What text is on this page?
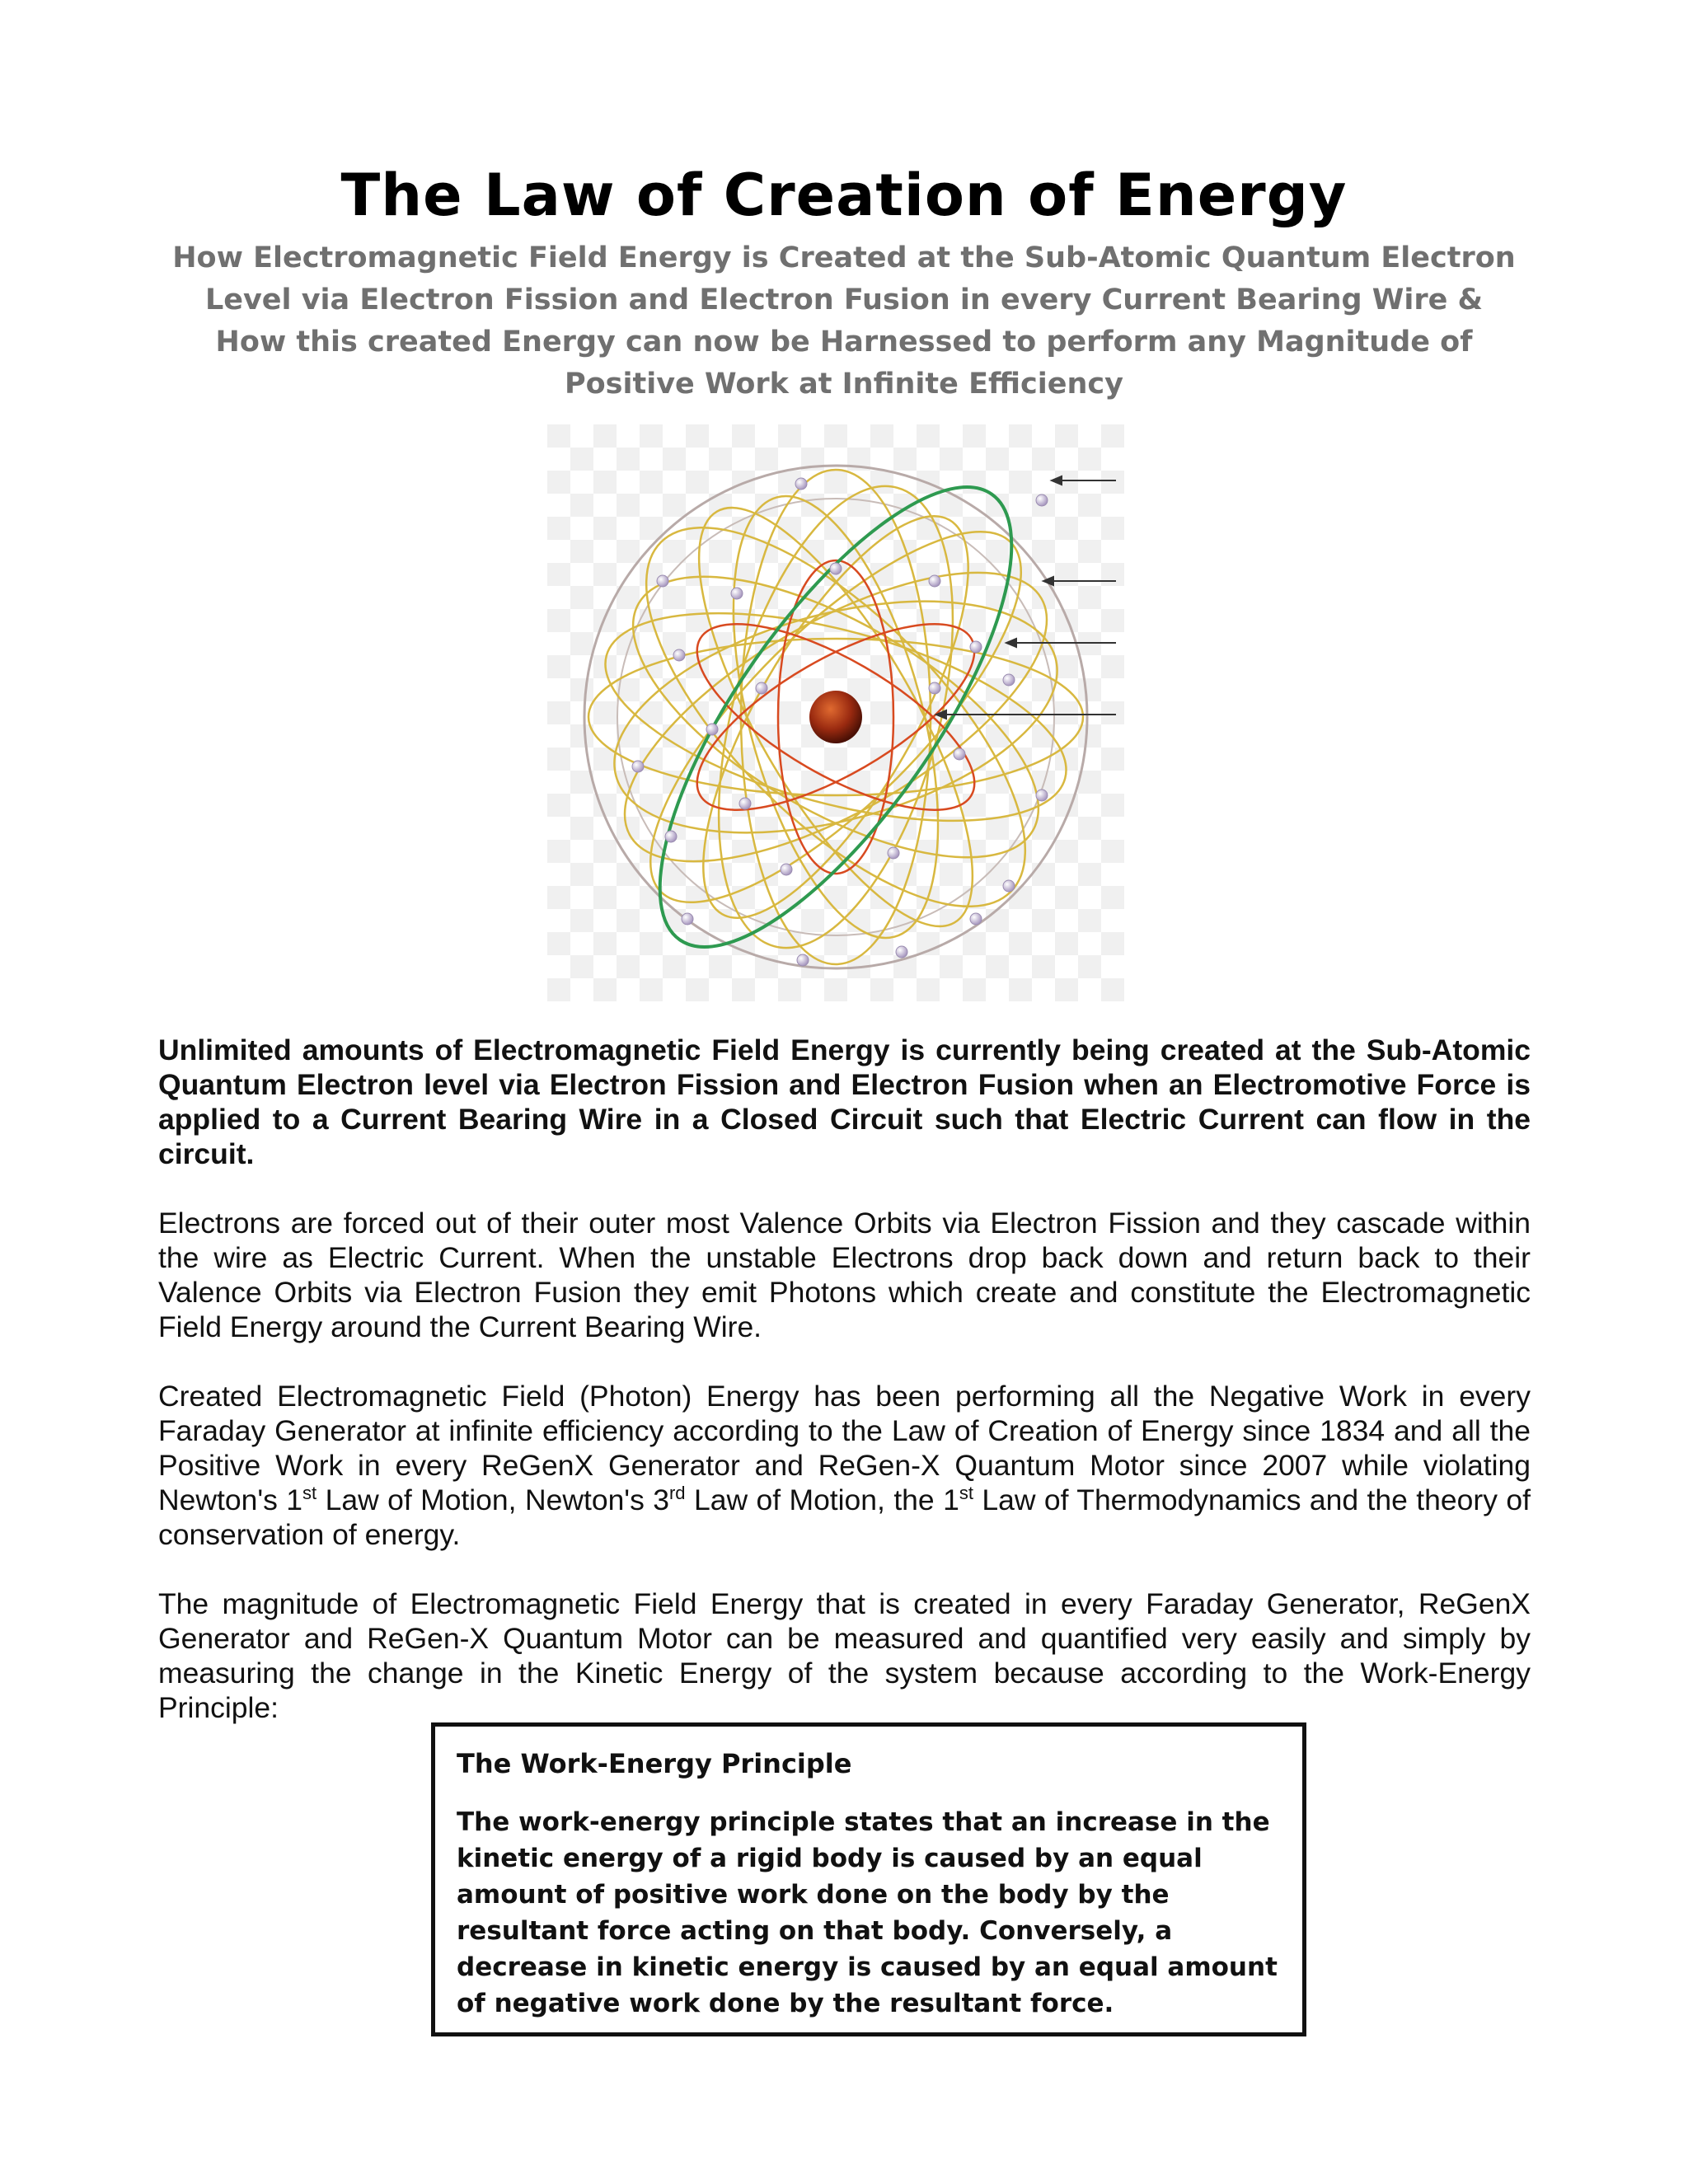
The Law of Creation of Energy
How Electromagnetic Field Energy is Created at the Sub-Atomic Quantum Electron
Level via Electron Fission and Electron Fusion in every Current Bearing Wire &
How this created Energy can now be Harnessed to perform any Magnitude of
Positive Work at Infinite Efficiency

Unlimited amounts of Electromagnetic Field Energy is currently being created at the Sub-Atomic Quantum Electron level via Electron Fission and Electron Fusion when an Electromotive Force is applied to a Current Bearing Wire in a Closed Circuit such that Electric Current can flow in the circuit.

Electrons are forced out of their outer most Valence Orbits via Electron Fission and they cascade within the wire as Electric Current. When the unstable Electrons drop back down and return back to their Valence Orbits via Electron Fusion they emit Photons which create and constitute the Electromagnetic Field Energy around the Current Bearing Wire.

Created Electromagnetic Field (Photon) Energy has been performing all the Negative Work in every Faraday Generator at infinite efficiency according to the Law of Creation of Energy since 1834 and all the Positive Work in every ReGenX Generator and ReGen-X Quantum Motor since 2007 while violating Newton's 1st Law of Motion, Newton's 3rd Law of Motion, the 1st Law of Thermodynamics and the theory of conservation of energy.

The magnitude of Electromagnetic Field Energy that is created in every Faraday Generator, ReGenX Generator and ReGen-X Quantum Motor can be measured and quantified very easily and simply by measuring the change in the Kinetic Energy of the system because according to the Work-Energy Principle:

The Work-Energy Principle

The work-energy principle states that an increase in the kinetic energy of a rigid body is caused by an equal amount of positive work done on the body by the resultant force acting on that body. Conversely, a decrease in kinetic energy is caused by an equal amount of negative work done by the resultant force.
